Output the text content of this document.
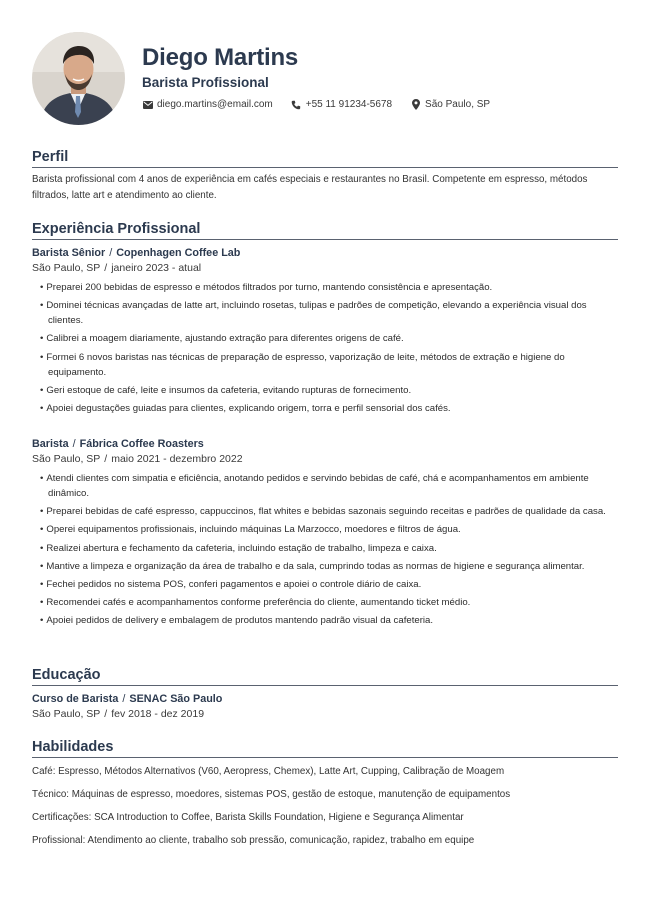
Diego Martins
Barista Profissional
diego.martins@email.com	+55 11 91234-5678	São Paulo, SP
Perfil

Barista profissional com 4 anos de experiência em cafés especiais e restaurantes no Brasil. Competente em espresso, métodos filtrados, latte art e atendimento ao cliente.

Experiência Profissional
Barista Sênior / Copenhagen Coffee Lab
São Paulo, SP / janeiro 2023 - atual
• Preparei 200 bebidas de espresso e métodos filtrados por turno, mantendo consistência e apresentação.
• Dominei técnicas avançadas de latte art, incluindo rosetas, tulipas e padrões de competição, elevando a experiência visual dos clientes.
• Calibrei a moagem diariamente, ajustando extração para diferentes origens de café.
• Formei 6 novos baristas nas técnicas de preparação de espresso, vaporização de leite, métodos de extração e higiene do equipamento.
• Geri estoque de café, leite e insumos da cafeteria, evitando rupturas de fornecimento.
• Apoiei degustações guiadas para clientes, explicando origem, torra e perfil sensorial dos cafés.
Barista / Fábrica Coffee Roasters
São Paulo, SP / maio 2021 - dezembro 2022
• Atendi clientes com simpatia e eficiência, anotando pedidos e servindo bebidas de café, chá e acompanhamentos em ambiente dinâmico.
• Preparei bebidas de café espresso, cappuccinos, flat whites e bebidas sazonais seguindo receitas e padrões de qualidade da casa.
• Operei equipamentos profissionais, incluindo máquinas La Marzocco, moedores e filtros de água.
• Realizei abertura e fechamento da cafeteria, incluindo estação de trabalho, limpeza e caixa.
• Mantive a limpeza e organização da área de trabalho e da sala, cumprindo todas as normas de higiene e segurança alimentar.
• Fechei pedidos no sistema POS, conferi pagamentos e apoiei o controle diário de caixa.
• Recomendei cafés e acompanhamentos conforme preferência do cliente, aumentando ticket médio.
• Apoiei pedidos de delivery e embalagem de produtos mantendo padrão visual da cafeteria.
Educação
Curso de Barista / SENAC São Paulo
São Paulo, SP / fev 2018 - dez 2019
Habilidades

Café: Espresso, Métodos Alternativos (V60, Aeropress, Chemex), Latte Art, Cupping, Calibração de Moagem

Técnico: Máquinas de espresso, moedores, sistemas POS, gestão de estoque, manutenção de equipamentos

Certificações: SCA Introduction to Coffee, Barista Skills Foundation, Higiene e Segurança Alimentar

Profissional: Atendimento ao cliente, trabalho sob pressão, comunicação, rapidez, trabalho em equipe
